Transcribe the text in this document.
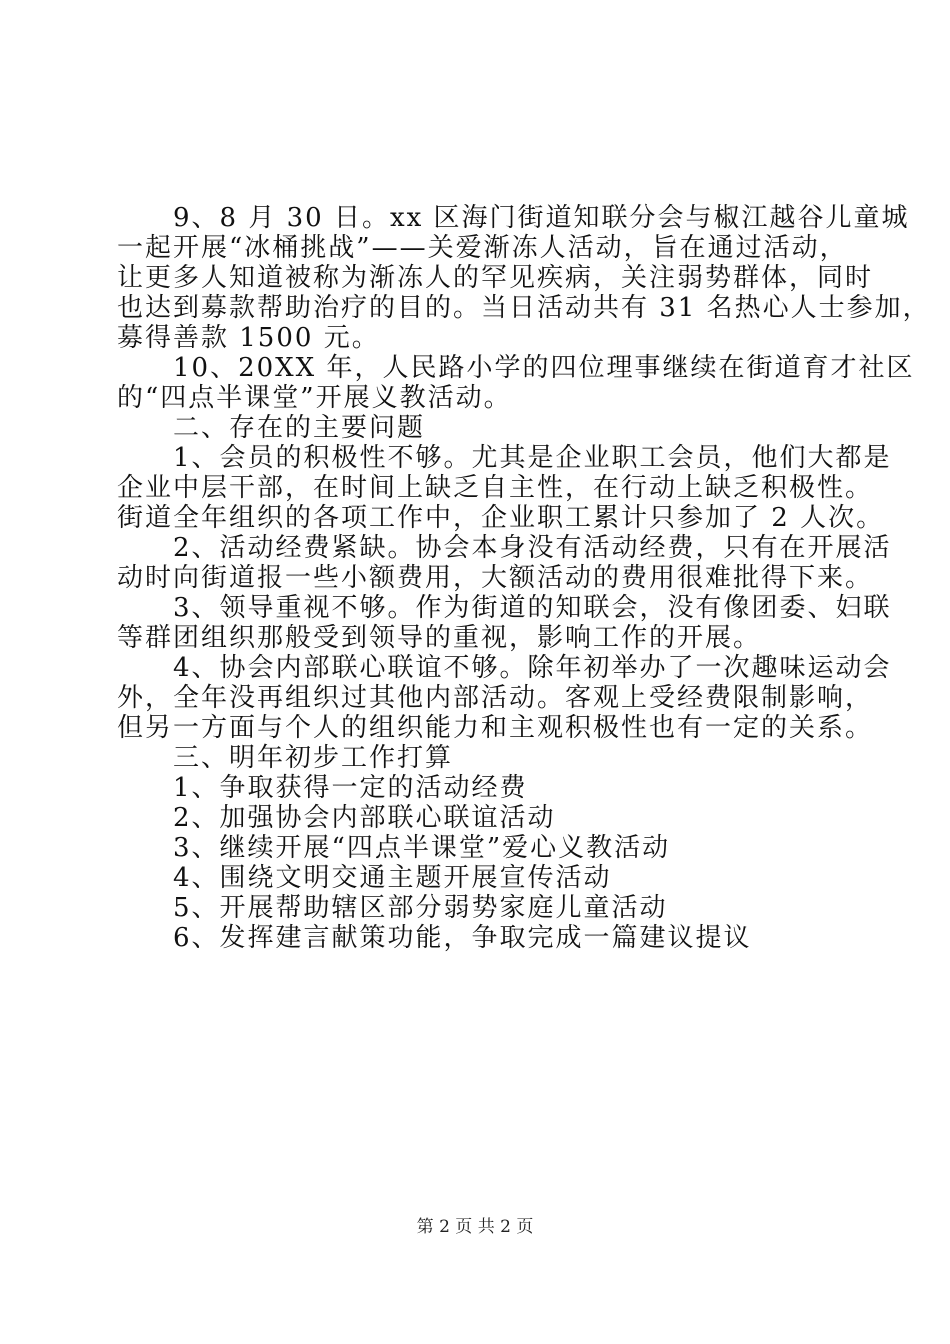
9、8 月 30 日。xx 区海门街道知联分会与椒江越谷儿童城
一起开展“冰桶挑战”——关爱渐冻人活动，旨在通过活动，
让更多人知道被称为渐冻人的罕见疾病，关注弱势群体，同时
也达到募款帮助治疗的目的。当日活动共有 31 名热心人士参加，
募得善款 1500 元。
10、20XX 年，人民路小学的四位理事继续在街道育才社区
的“四点半课堂”开展义教活动。
二、存在的主要问题
1、会员的积极性不够。尤其是企业职工会员，他们大都是
企业中层干部，在时间上缺乏自主性，在行动上缺乏积极性。
街道全年组织的各项工作中，企业职工累计只参加了 2 人次。
2、活动经费紧缺。协会本身没有活动经费，只有在开展活
动时向街道报一些小额费用，大额活动的费用很难批得下来。
3、领导重视不够。作为街道的知联会，没有像团委、妇联
等群团组织那般受到领导的重视，影响工作的开展。
4、协会内部联心联谊不够。除年初举办了一次趣味运动会
外，全年没再组织过其他内部活动。客观上受经费限制影响，
但另一方面与个人的组织能力和主观积极性也有一定的关系。
三、明年初步工作打算
1、争取获得一定的活动经费
2、加强协会内部联心联谊活动
3、继续开展“四点半课堂”爱心义教活动
4、围绕文明交通主题开展宣传活动
5、开展帮助辖区部分弱势家庭儿童活动
6、发挥建言献策功能，争取完成一篇建议提议
第 2 页 共 2 页
